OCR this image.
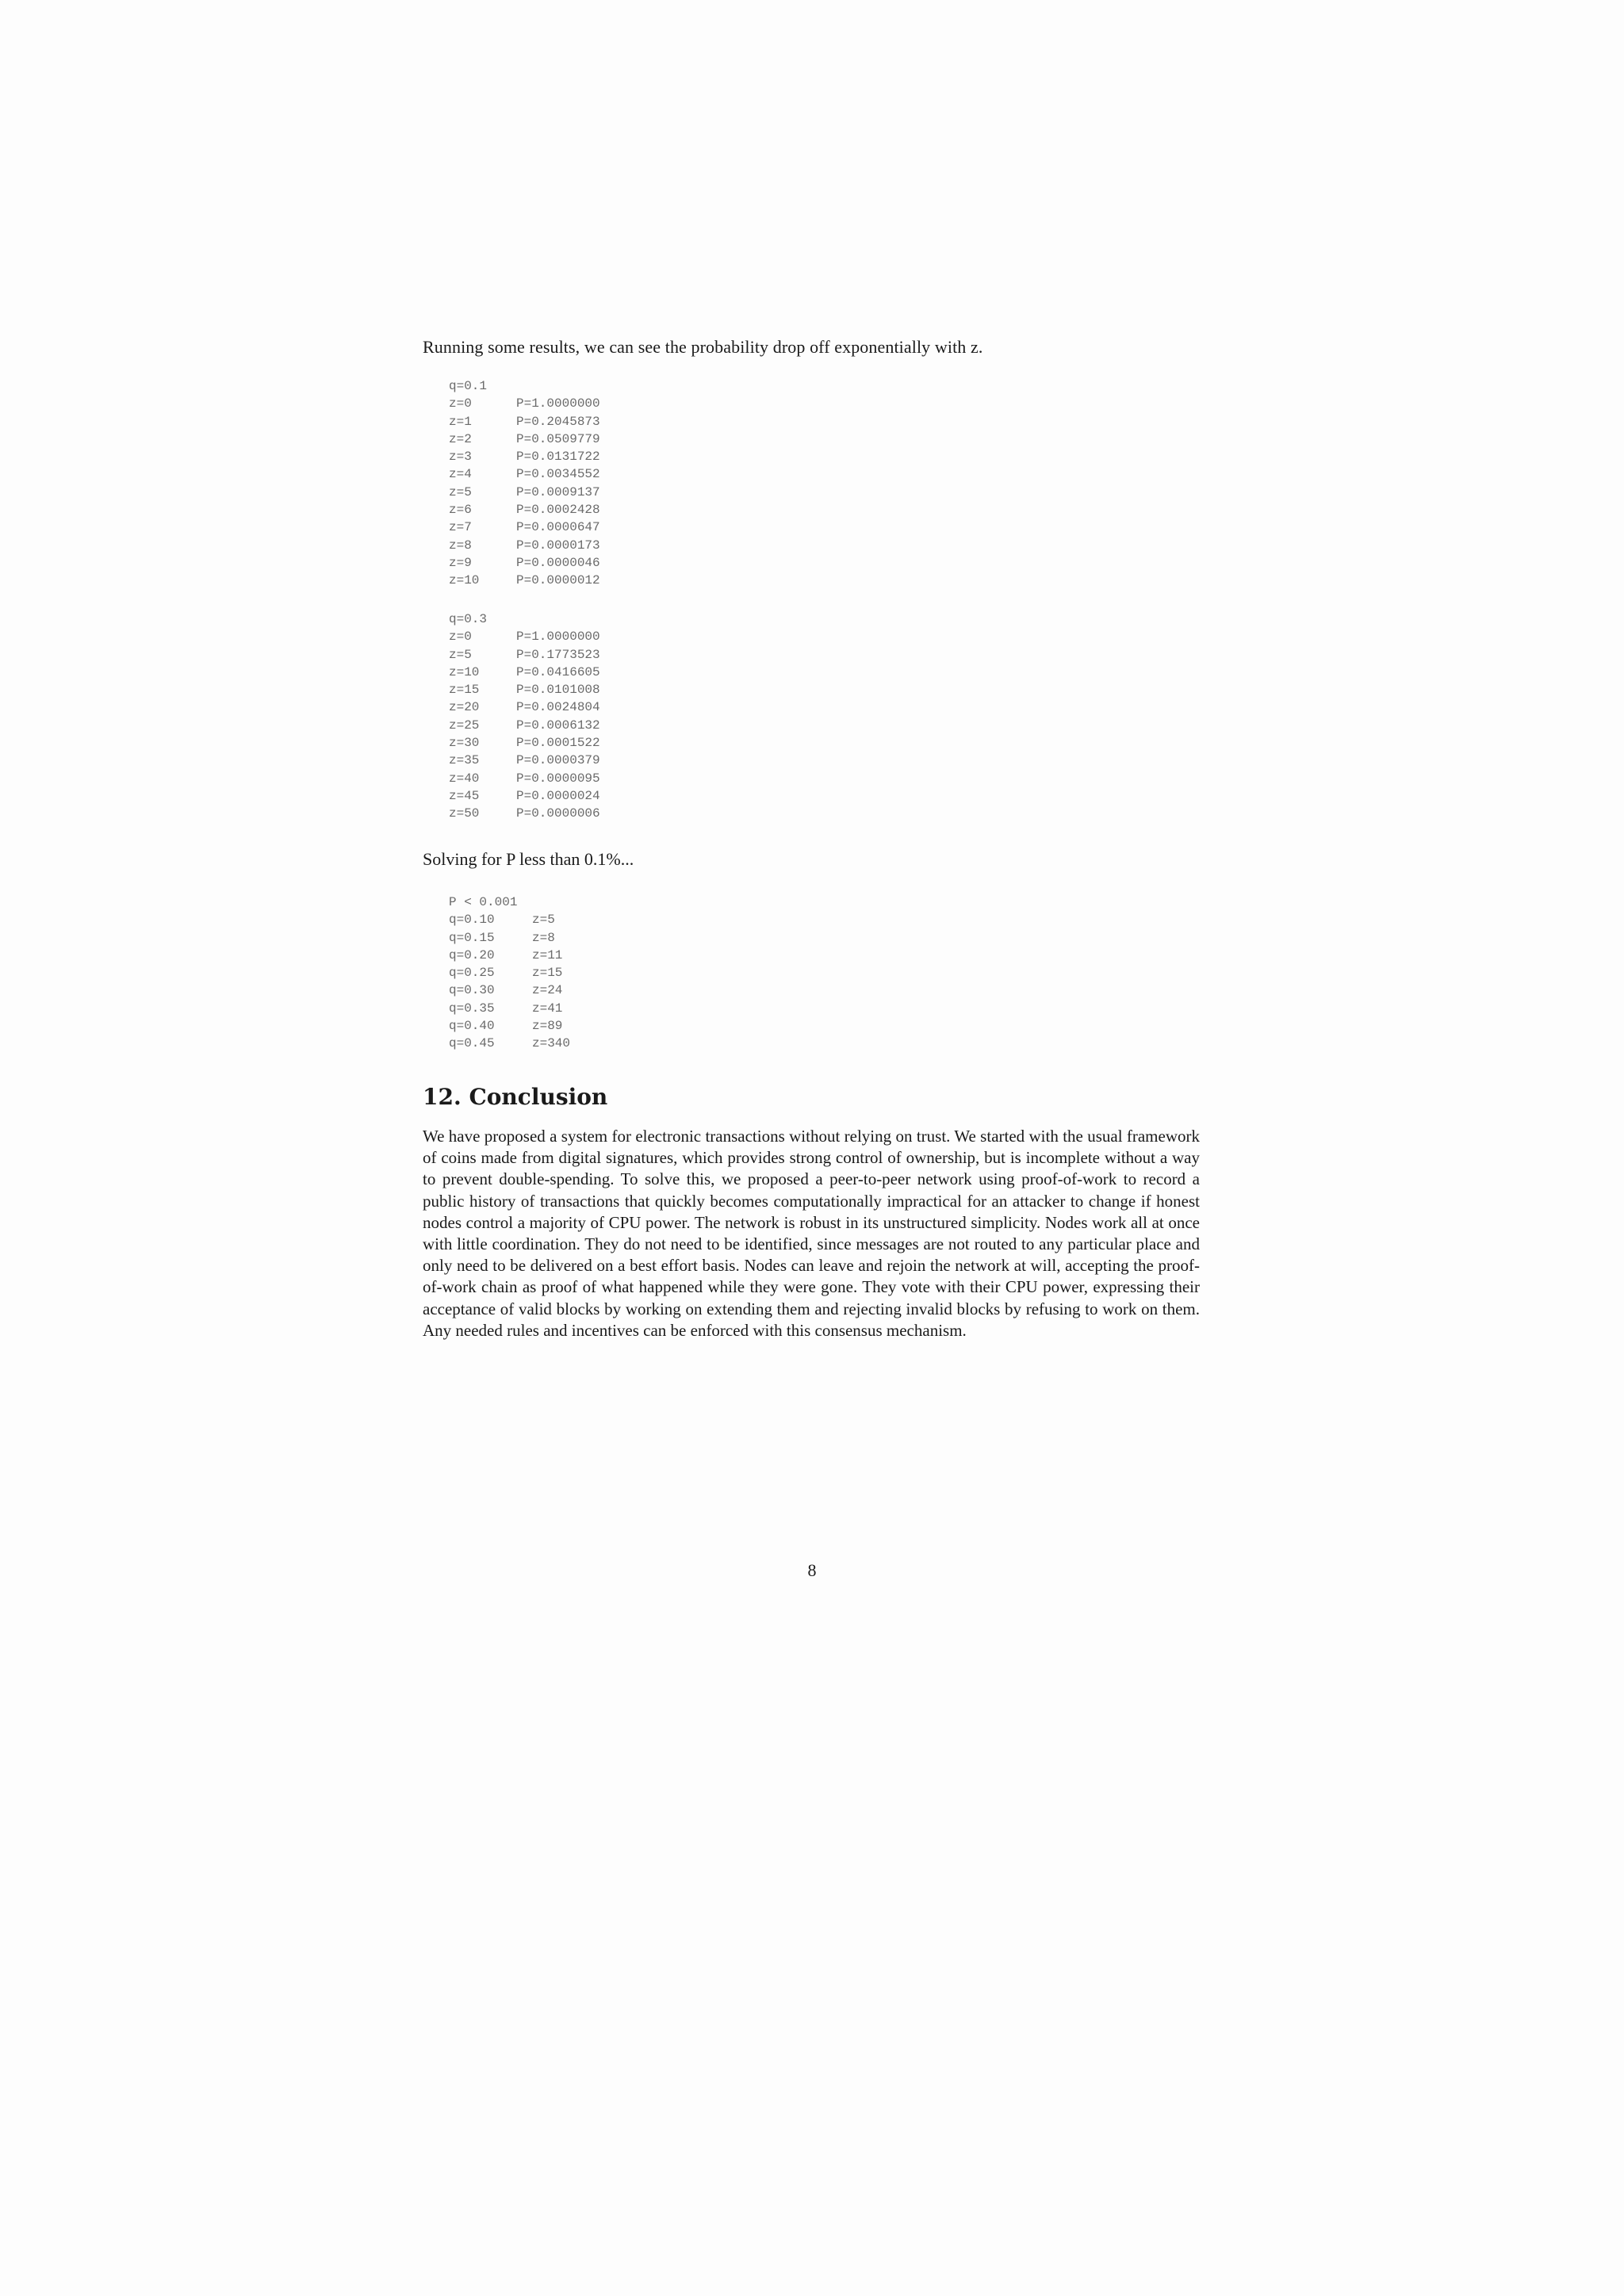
Running some results, we can see the probability drop off exponentially with z.
q=0.1
z=0	P=1.0000000
z=1	P=0.2045873
z=2	P=0.0509779
z=3	P=0.0131722
z=4	P=0.0034552
z=5	P=0.0009137
z=6	P=0.0002428
z=7	P=0.0000647
z=8	P=0.0000173
z=9	P=0.0000046
z=10	P=0.0000012
q=0.3
z=0	P=1.0000000
z=5	P=0.1773523
z=10	P=0.0416605
z=15	P=0.0101008
z=20	P=0.0024804
z=25	P=0.0006132
z=30	P=0.0001522
z=35	P=0.0000379
z=40	P=0.0000095
z=45	P=0.0000024
z=50	P=0.0000006
Solving for P less than 0.1%...
P < 0.001
q=0.10	z=5
q=0.15	z=8
q=0.20	z=11
q=0.25	z=15
q=0.30	z=24
q=0.35	z=41
q=0.40	z=89
q=0.45	z=340
12. Conclusion
We have proposed a system for electronic transactions without relying on trust. We started with the usual framework of coins made from digital signatures, which provides strong control of ownership, but is incomplete without a way to prevent double-spending. To solve this, we proposed a peer-to-peer network using proof-of-work to record a public history of transactions that quickly becomes computationally impractical for an attacker to change if honest nodes control a majority of CPU power. The network is robust in its unstructured simplicity. Nodes work all at once with little coordination. They do not need to be identified, since messages are not routed to any particular place and only need to be delivered on a best effort basis. Nodes can leave and rejoin the network at will, accepting the proof-of-work chain as proof of what happened while they were gone. They vote with their CPU power, expressing their acceptance of valid blocks by working on extending them and rejecting invalid blocks by refusing to work on them. Any needed rules and incentives can be enforced with this consensus mechanism.
8
